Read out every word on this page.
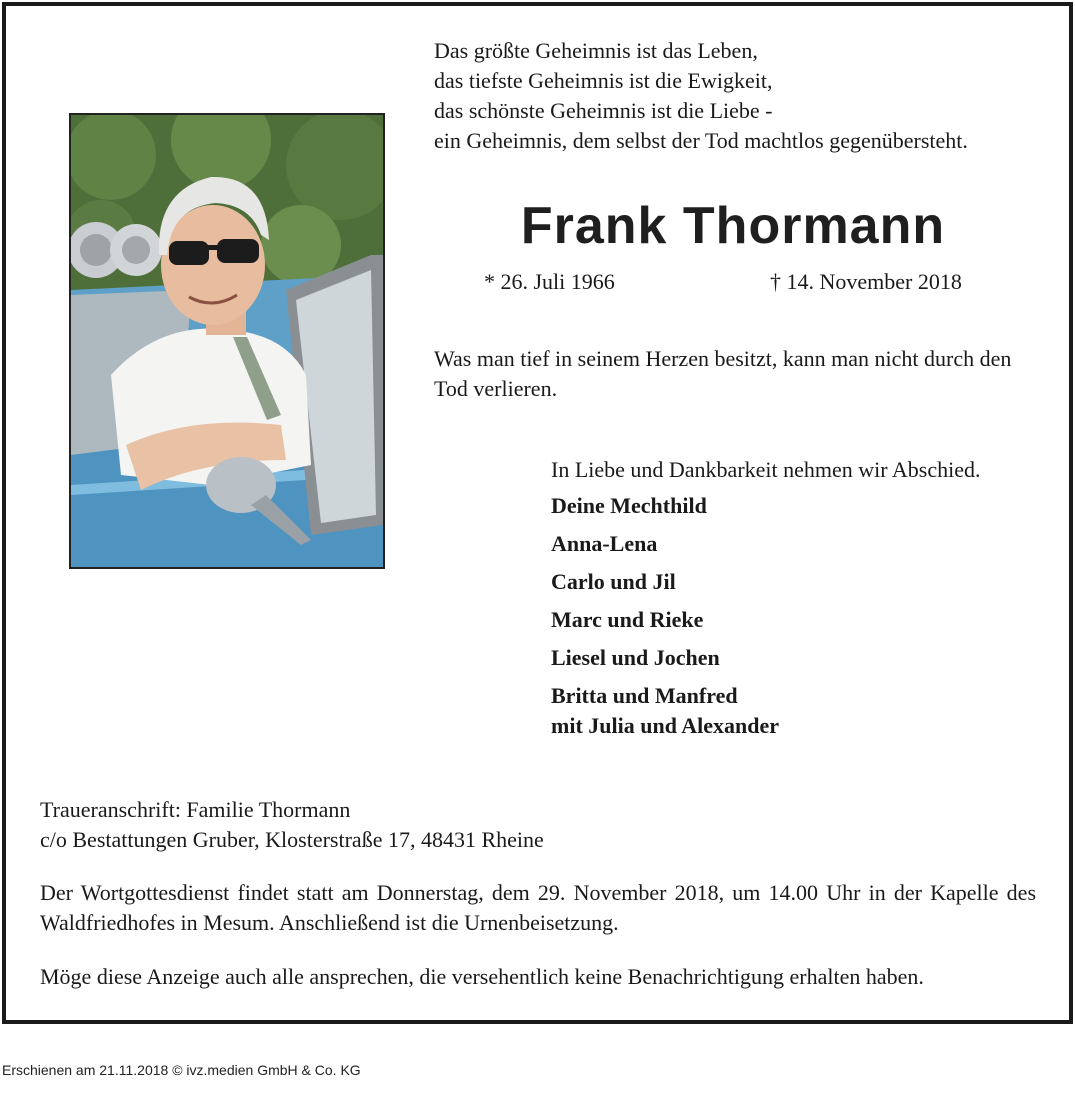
Das größte Geheimnis ist das Leben,
das tiefste Geheimnis ist die Ewigkeit,
das schönste Geheimnis ist die Liebe -
ein Geheimnis, dem selbst der Tod machtlos gegenübersteht.
Frank Thormann
* 26. Juli 1966	† 14. November 2018
Was man tief in seinem Herzen besitzt, kann man nicht durch den Tod verlieren.
In Liebe und Dankbarkeit nehmen wir Abschied.
Deine Mechthild
Anna-Lena
Carlo und Jil
Marc und Rieke
Liesel und Jochen
Britta und Manfred
mit Julia und Alexander
Traueranschrift: Familie Thormann
c/o Bestattungen Gruber, Klosterstraße 17, 48431 Rheine
Der Wortgottesdienst findet statt am Donnerstag, dem 29. November 2018, um 14.00 Uhr in der Kapelle des Waldfriedhofes in Mesum. Anschließend ist die Urnenbeisetzung.
Möge diese Anzeige auch alle ansprechen, die versehentlich keine Benachrichtigung erhalten haben.
Erschienen am 21.11.2018 © ivz.medien GmbH & Co. KG
